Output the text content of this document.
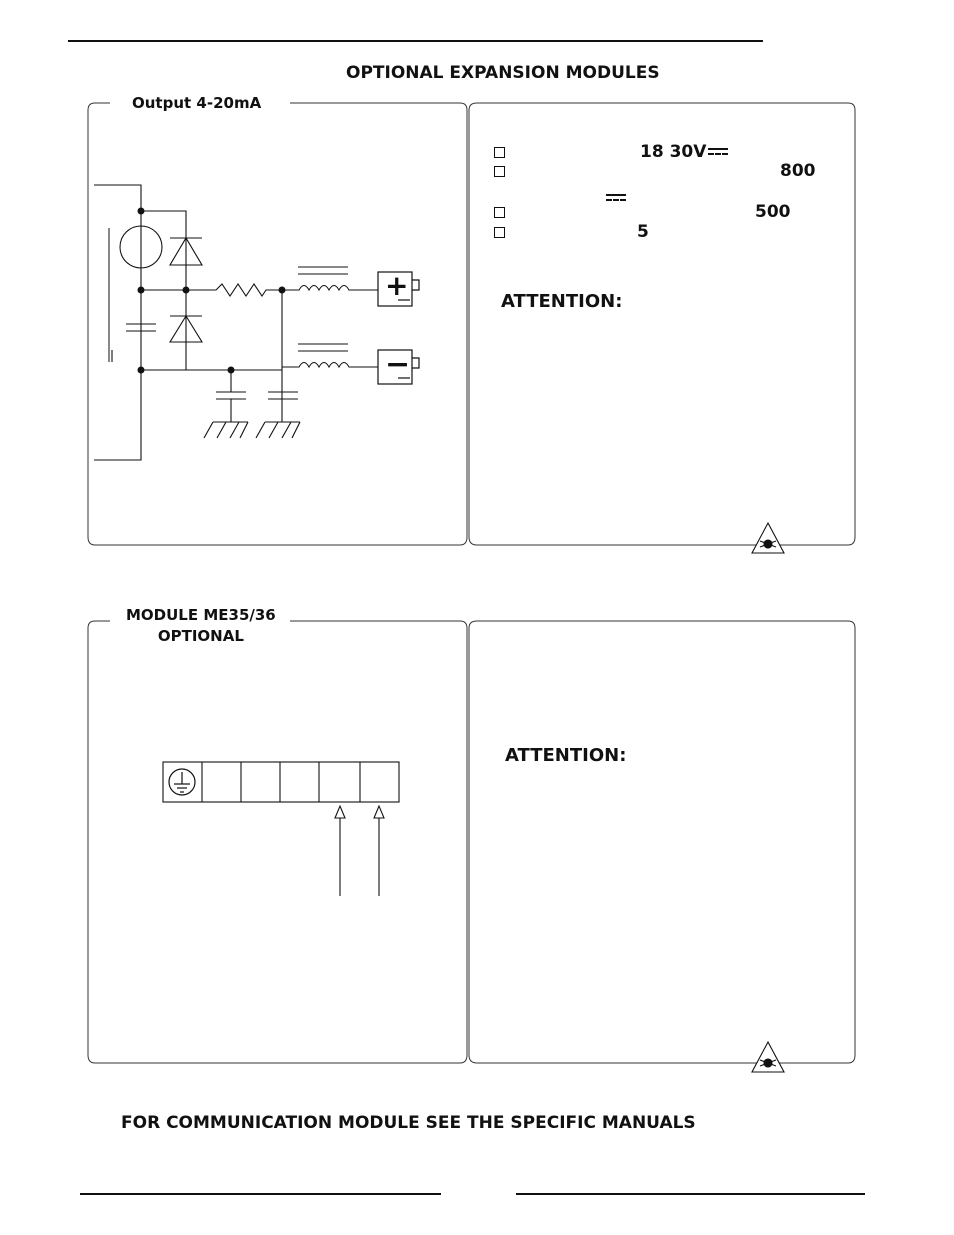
OPTIONAL EXPANSION MODULES
Output 4-20mA
+
−
18 30V
800
500
5
ATTENTION:
MODULE ME35/36
OPTIONAL
ATTENTION:
FOR COMMUNICATION MODULE SEE THE SPECIFIC MANUALS
